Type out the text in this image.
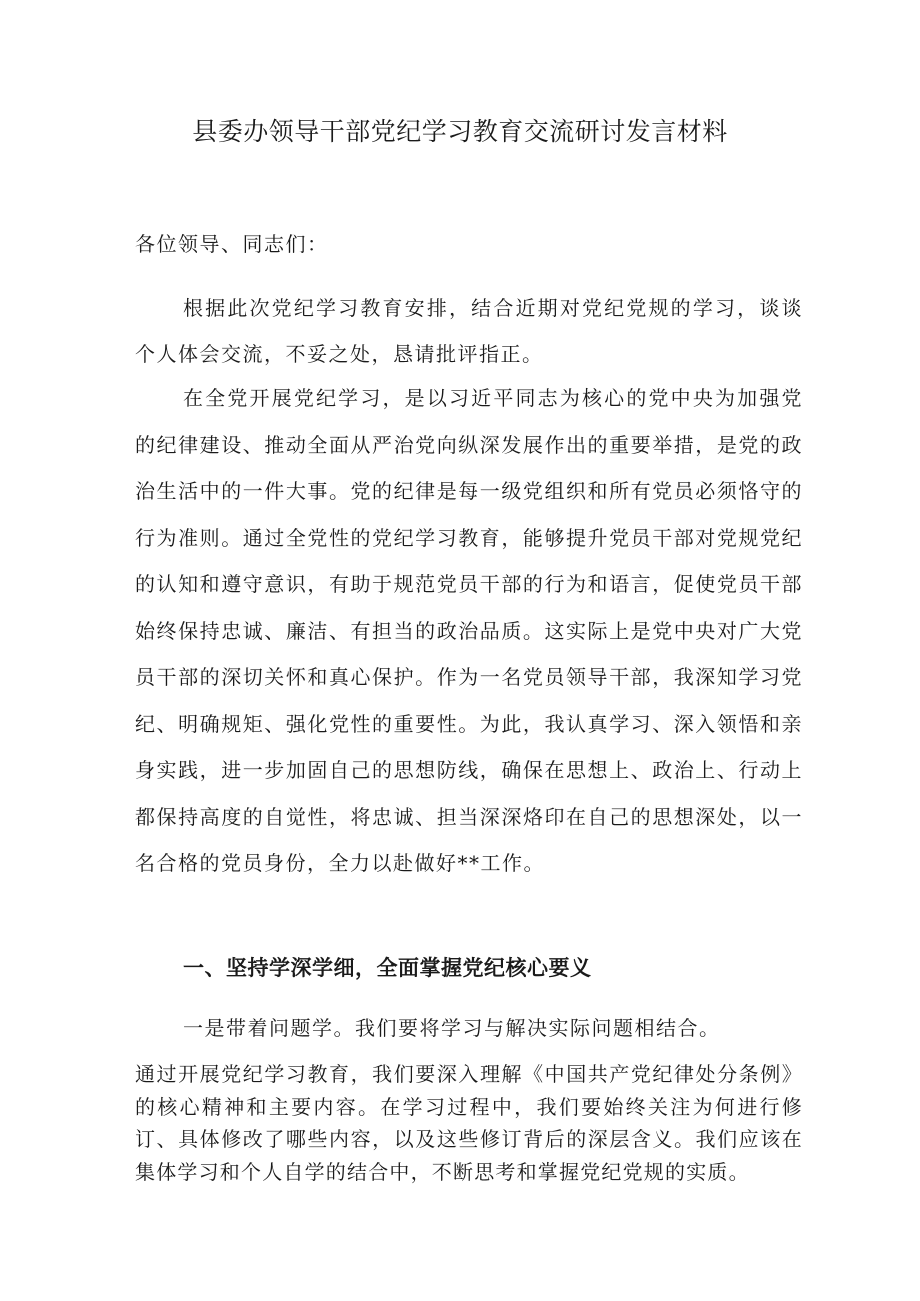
县委办领导干部党纪学习教育交流研讨发言材料
各位领导、同志们：

根据此次党纪学习教育安排，结合近期对党纪党规的学习，谈谈个人体会交流，不妥之处，恳请批评指正。

在全党开展党纪学习，是以习近平同志为核心的党中央为加强党的纪律建设、推动全面从严治党向纵深发展作出的重要举措，是党的政治生活中的一件大事。党的纪律是每一级党组织和所有党员必须恪守的行为准则。通过全党性的党纪学习教育，能够提升党员干部对党规党纪的认知和遵守意识，有助于规范党员干部的行为和语言，促使党员干部始终保持忠诚、廉洁、有担当的政治品质。这实际上是党中央对广大党员干部的深切关怀和真心保护。作为一名党员领导干部，我深知学习党纪、明确规矩、强化党性的重要性。为此，我认真学习、深入领悟和亲身实践，进一步加固自己的思想防线，确保在思想上、政治上、行动上都保持高度的自觉性，将忠诚、担当深深烙印在自己的思想深处，以一名合格的党员身份，全力以赴做好**工作。

一、坚持学深学细，全面掌握党纪核心要义
一是带着问题学。我们要将学习与解决实际问题相结合。

通过开展党纪学习教育，我们要深入理解《中国共产党纪律处分条例》的核心精神和主要内容。在学习过程中，我们要始终关注为何进行修订、具体修改了哪些内容，以及这些修订背后的深层含义。我们应该在集体学习和个人自学的结合中，不断思考和掌握党纪党规的实质。
